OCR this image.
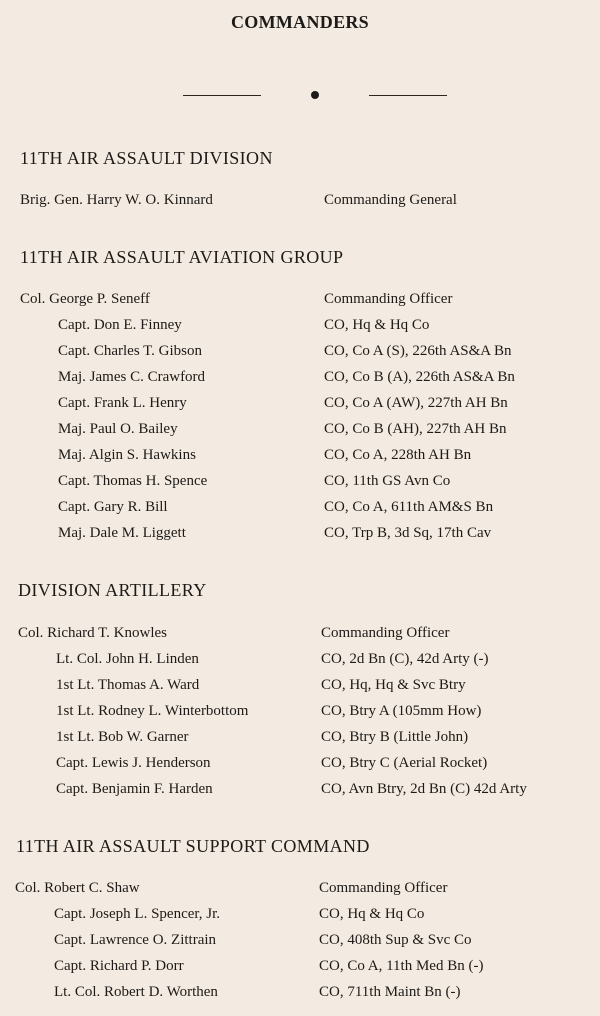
COMMANDERS
11TH AIR ASSAULT DIVISION
Brig. Gen. Harry W. O. Kinnard	Commanding General
11TH AIR ASSAULT AVIATION GROUP
Col. George P. Seneff	Commanding Officer
Capt. Don E. Finney	CO, Hq & Hq Co
Capt. Charles T. Gibson	CO, Co A (S), 226th AS&A Bn
Maj. James C. Crawford	CO, Co B (A), 226th AS&A Bn
Capt. Frank L. Henry	CO, Co A (AW), 227th AH Bn
Maj. Paul O. Bailey	CO, Co B (AH), 227th AH Bn
Maj. Algin S. Hawkins	CO, Co A, 228th AH Bn
Capt. Thomas H. Spence	CO, 11th GS Avn Co
Capt. Gary R. Bill	CO, Co A, 611th AM&S Bn
Maj. Dale M. Liggett	CO, Trp B, 3d Sq, 17th Cav
DIVISION ARTILLERY
Col. Richard T. Knowles	Commanding Officer
Lt. Col. John H. Linden	CO, 2d Bn (C), 42d Arty (-)
1st Lt. Thomas A. Ward	CO, Hq, Hq & Svc Btry
1st Lt. Rodney L. Winterbottom	CO, Btry A (105mm How)
1st Lt. Bob W. Garner	CO, Btry B (Little John)
Capt. Lewis J. Henderson	CO, Btry C (Aerial Rocket)
Capt. Benjamin F. Harden	CO, Avn Btry, 2d Bn (C) 42d Arty
11TH AIR ASSAULT SUPPORT COMMAND
Col. Robert C. Shaw	Commanding Officer
Capt. Joseph L. Spencer, Jr.	CO, Hq & Hq Co
Capt. Lawrence O. Zittrain	CO, 408th Sup & Svc Co
Capt. Richard P. Dorr	CO, Co A, 11th Med Bn (-)
Lt. Col. Robert D. Worthen	CO, 711th Maint Bn (-)
